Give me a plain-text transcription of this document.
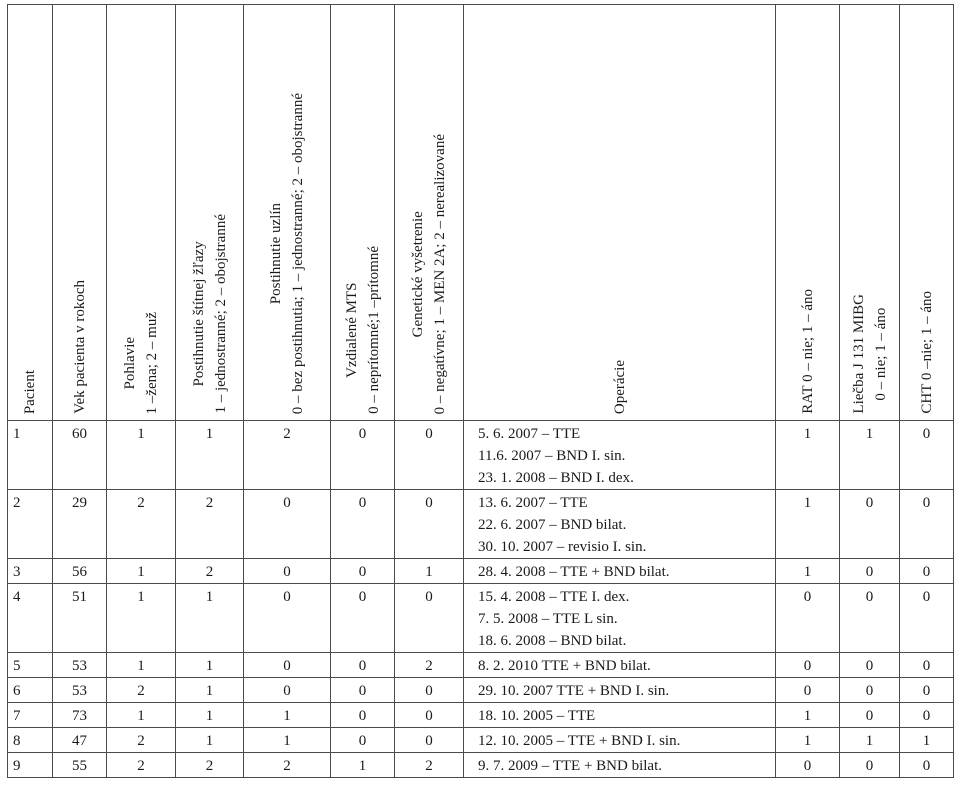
Pacient	Vek pacienta v rokoch	Pohlavie 1 –žena; 2 – muž	Postihnutie štítnej žľazy 1 – jednostranné; 2 – obojstranné	Postihnutie uzlín 0 – bez postihnutia; 1 – jednostranné; 2 – obojstranné	Vzdialené MTS 0 – neprítomné;1 –prítomné	Genetické vyšetrenie 0 – negatívne; 1 – MEN 2A; 2 – nerealizované	Operácie	RAT 0 – nie; 1 – áno	Liečba J 131 MIBG 0 – nie; 1 – áno	CHT 0 –nie; 1 – áno

1	60	1	1	2	0	0	5. 6. 2007 – TTE
11.6. 2007 – BND I. sin.
23. 1. 2008 – BND I. dex.	1	1	0
2	29	2	2	0	0	0	13. 6. 2007 – TTE
22. 6. 2007 – BND bilat.
30. 10. 2007 – revisio I. sin.	1	0	0
3	56	1	2	0	0	1	28. 4. 2008 – TTE + BND bilat.	1	0	0
4	51	1	1	0	0	0	15. 4. 2008 – TTE I. dex.
7. 5. 2008 – TTE L sin.
18. 6. 2008 – BND bilat.	0	0	0
5	53	1	1	0	0	2	8. 2. 2010 TTE + BND bilat.	0	0	0
6	53	2	1	0	0	0	29. 10. 2007 TTE + BND I. sin.	0	0	0
7	73	1	1	1	0	0	18. 10. 2005 – TTE	1	0	0
8	47	2	1	1	0	0	12. 10. 2005 – TTE + BND I. sin.	1	1	1
9	55	2	2	2	1	2	9. 7. 2009 – TTE + BND bilat.	0	0	0
